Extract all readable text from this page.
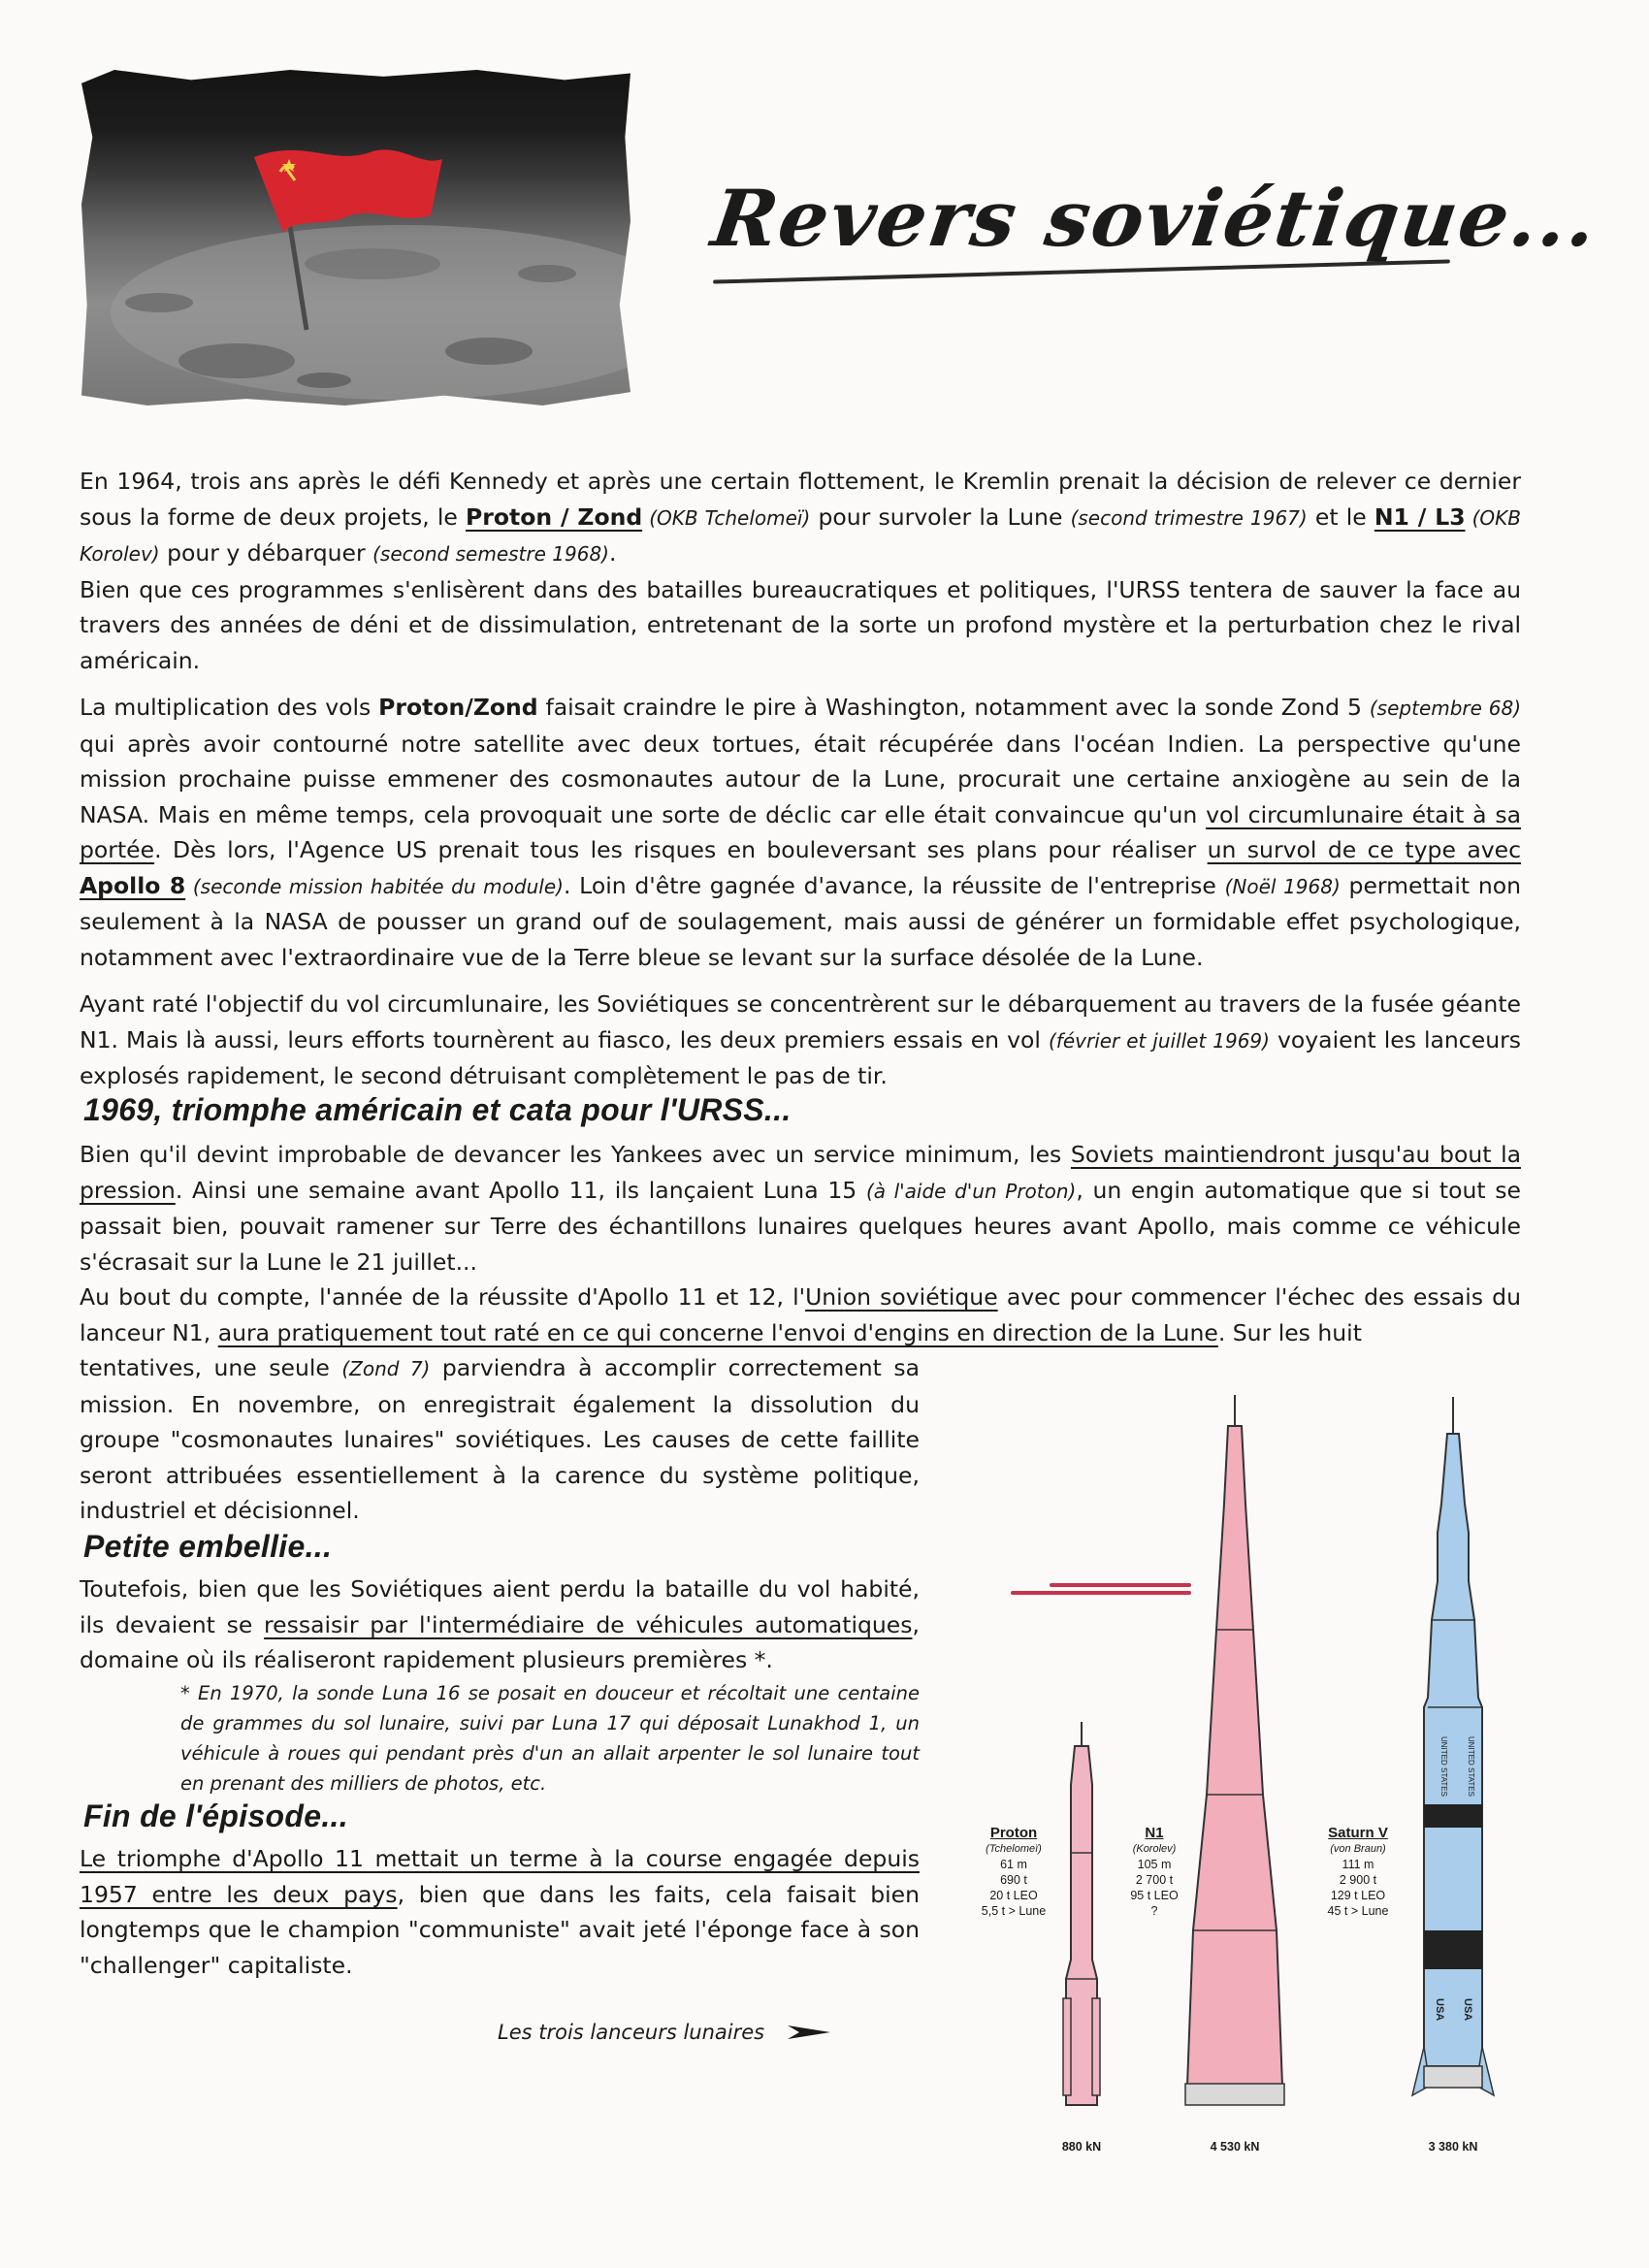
Revers soviétique...

En 1964, trois ans après le défi Kennedy et après une certain flottement, le Kremlin prenait la décision de relever ce dernier sous la forme de deux projets, le Proton / Zond (OKB Tchelomeï) pour survoler la Lune (second trimestre 1967) et le N1 / L3 (OKB Korolev) pour y débarquer (second semestre 1968).

Bien que ces programmes s'enlisèrent dans des batailles bureaucratiques et politiques, l'URSS tentera de sauver la face au travers des années de déni et de dissimulation, entretenant de la sorte un profond mystère et la perturbation chez le rival américain.

La multiplication des vols Proton/Zond faisait craindre le pire à Washington, notamment avec la sonde Zond 5 (septembre 68) qui après avoir contourné notre satellite avec deux tortues, était récupérée dans l'océan Indien. La perspective qu'une mission prochaine puisse emmener des cosmonautes autour de la Lune, procurait une certaine anxiogène au sein de la NASA. Mais en même temps, cela provoquait une sorte de déclic car elle était convaincue qu'un vol circumlunaire était à sa portée. Dès lors, l'Agence US prenait tous les risques en bouleversant ses plans pour réaliser un survol de ce type avec Apollo 8 (seconde mission habitée du module). Loin d'être gagnée d'avance, la réussite de l'entreprise (Noël 1968) permettait non seulement à la NASA de pousser un grand ouf de soulagement, mais aussi de générer un formidable effet psychologique, notamment avec l'extraordinaire vue de la Terre bleue se levant sur la surface désolée de la Lune.

Ayant raté l'objectif du vol circumlunaire, les Soviétiques se concentrèrent sur le débarquement au travers de la fusée géante N1. Mais là aussi, leurs efforts tournèrent au fiasco, les deux premiers essais en vol (février et juillet 1969) voyaient les lanceurs explosés rapidement, le second détruisant complètement le pas de tir.

1969, triomphe américain et cata pour l'URSS...

Bien qu'il devint improbable de devancer les Yankees avec un service minimum, les Soviets maintiendront jusqu'au bout la pression. Ainsi une semaine avant Apollo 11, ils lançaient Luna 15 (à l'aide d'un Proton), un engin automatique que si tout se passait bien, pouvait ramener sur Terre des échantillons lunaires quelques heures avant Apollo, mais comme ce véhicule s'écrasait sur la Lune le 21 juillet...

Au bout du compte, l'année de la réussite d'Apollo 11 et 12, l'Union soviétique avec pour commencer l'échec des essais du lanceur N1, aura pratiquement tout raté en ce qui concerne l'envoi d'engins en direction de la Lune. Sur les huit

tentatives, une seule (Zond 7) parviendra à accomplir correctement sa mission. En novembre, on enregistrait également la dissolution du groupe "cosmonautes lunaires" soviétiques. Les causes de cette faillite seront attribuées essentiellement à la carence du système politique, industriel et décisionnel.

Petite embellie...

Toutefois, bien que les Soviétiques aient perdu la bataille du vol habité, ils devaient se ressaisir par l'intermédiaire de véhicules automatiques, domaine où ils réaliseront rapidement plusieurs premières *.

* En 1970, la sonde Luna 16 se posait en douceur et récoltait une centaine de grammes du sol lunaire, suivi par Luna 17 qui déposait Lunakhod 1, un véhicule à roues qui pendant près d'un an allait arpenter le sol lunaire tout en prenant des milliers de photos, etc.
Fin de l'épisode...

Le triomphe d'Apollo 11 mettait un terme à la course engagée depuis 1957 entre les deux pays, bien que dans les faits, cela faisait bien longtemps que le champion "communiste" avait jeté l'éponge face à son "challenger" capitaliste.

Les trois lanceurs lunaires
UNITED STATES UNITED STATES
USA USA
Proton
(Tchelomeï)
61 m
690 t
20 t LEO
5,5 t > Lune
N1
(Korolev)
105 m
2 700 t
95 t LEO
?
Saturn V
(von Braun)
111 m
2 900 t
129 t LEO
45 t > Lune
880 kN	4 530 kN	3 380 kN
